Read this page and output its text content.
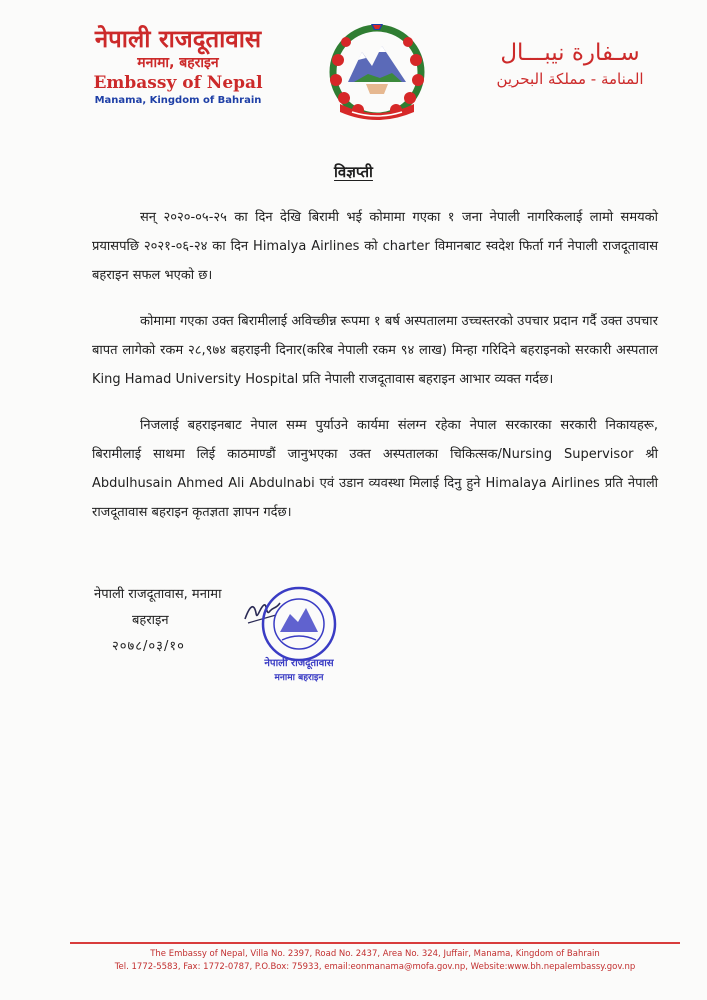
नेपाली राजदूतावास
मनामा, बहराइन
Embassy of Nepal
Manama, Kingdom of Bahrain
سـفارة نيبـــال
المنامة - مملكة البحرين
विज्ञप्ती

सन् २०२०-०५-२५ का दिन देखि बिरामी भई कोमामा गएका १ जना नेपाली नागरिकलाई लामो समयको प्रयासपछि २०२१-०६-२४ का दिन Himalya Airlines को charter विमानबाट स्वदेश फिर्ता गर्न नेपाली राजदूतावास बहराइन सफल भएको छ।

कोमामा गएका उक्त बिरामीलाई अविच्छीन्न रूपमा १ बर्ष अस्पतालमा उच्चस्तरको उपचार प्रदान गर्दै उक्त उपचार बापत लागेको रकम २८,९७४ बहराइनी दिनार(करिब नेपाली रकम ९४ लाख) मिन्हा गरिदिने बहराइनको सरकारी अस्पताल King Hamad University Hospital प्रति नेपाली राजदूतावास बहराइन आभार व्यक्त गर्दछ।

निजलाई बहराइनबाट नेपाल सम्म पुर्याउने कार्यमा संलग्न रहेका नेपाल सरकारका सरकारी निकायहरू, बिरामीलाई साथमा लिई काठमाण्डौं जानुभएका उक्त अस्पतालका चिकित्सक/Nursing Supervisor श्री Abdulhusain Ahmed Ali Abdulnabi एवं उडान व्यवस्था मिलाई दिनु हुने Himalaya Airlines प्रति नेपाली राजदूतावास बहराइन कृतज्ञता ज्ञापन गर्दछ।

नेपाली राजदूतावास, मनामा
बहराइन
२०७८/०३/१०
नेपाली राजदूतावास
मनामा बहराइन
The Embassy of Nepal, Villa No. 2397, Road No. 2437, Area No. 324, Juffair, Manama, Kingdom of Bahrain
Tel. 1772-5583, Fax: 1772-0787, P.O.Box: 75933, email:eonmanama@mofa.gov.np, Website:www.bh.nepalembassy.gov.np
